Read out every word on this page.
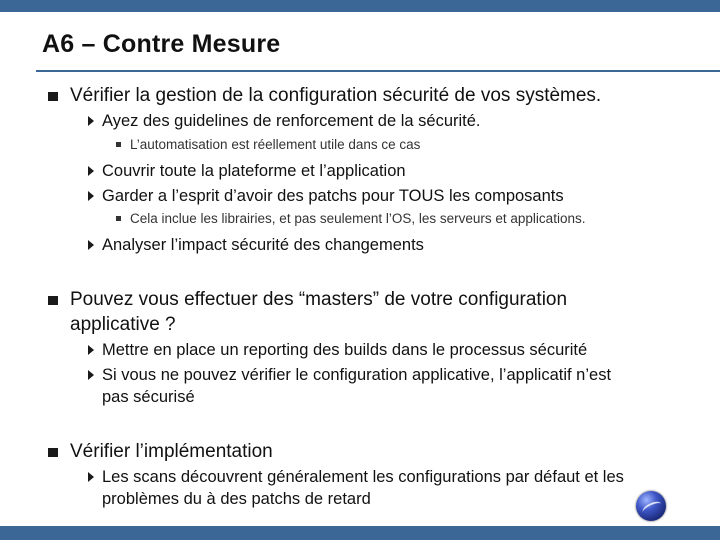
A6 – Contre Mesure
Vérifier la gestion de la configuration sécurité de vos systèmes.
Ayez des guidelines de renforcement de la sécurité.
L’automatisation est réellement utile dans ce cas
Couvrir toute la plateforme et l’application
Garder a l’esprit d’avoir des patchs pour TOUS les composants
Cela inclue les librairies, et pas seulement l’OS, les serveurs et applications.
Analyser l’impact sécurité des changements
Pouvez vous effectuer des “masters” de votre configuration
applicative ?
Mettre en place un reporting des builds dans le processus sécurité
Si vous ne pouvez vérifier le configuration applicative, l’applicatif n’est
pas sécurisé
Vérifier l’implémentation
Les scans découvrent généralement les configurations par défaut et les
problèmes du à des patchs de retard
